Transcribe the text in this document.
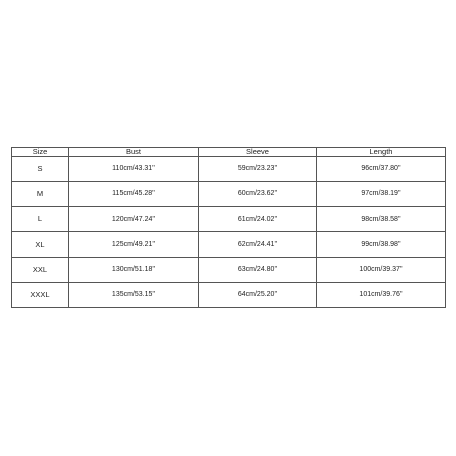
Size	Bust	Sleeve	Length
S	110cm/43.31''	59cm/23.23''	96cm/37.80''
M	115cm/45.28''	60cm/23.62''	97cm/38.19''
L	120cm/47.24''	61cm/24.02''	98cm/38.58''
XL	125cm/49.21''	62cm/24.41''	99cm/38.98''
XXL	130cm/51.18''	63cm/24.80''	100cm/39.37''
XXXL	135cm/53.15''	64cm/25.20''	101cm/39.76''
